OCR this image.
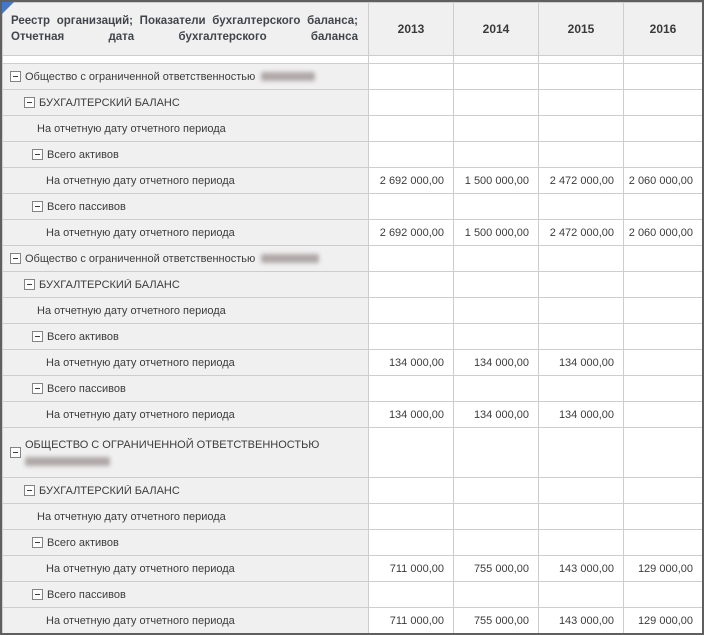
Реестр организаций; Показатели бухгалтерского баланса; Отчетная дата бухгалтерского баланса	2013	2014	2015	2016

Общество с ограниченной ответственностью				

БУХГАЛТЕРСКИЙ БАЛАНС				

На отчетную дату отчетного периода				

Всего активов				

На отчетную дату отчетного периода	2 692 000,00	1 500 000,00	2 472 000,00	2 060 000,00

Всего пассивов				

На отчетную дату отчетного периода	2 692 000,00	1 500 000,00	2 472 000,00	2 060 000,00

Общество с ограниченной ответственностью				

БУХГАЛТЕРСКИЙ БАЛАНС				

На отчетную дату отчетного периода				

Всего активов				

На отчетную дату отчетного периода	134 000,00	134 000,00	134 000,00	

Всего пассивов				

На отчетную дату отчетного периода	134 000,00	134 000,00	134 000,00	

ОБЩЕСТВО С ОГРАНИЧЕННОЙ ОТВЕТСТВЕННОСТЬЮ				

БУХГАЛТЕРСКИЙ БАЛАНС				

На отчетную дату отчетного периода				

Всего активов				

На отчетную дату отчетного периода	711 000,00	755 000,00	143 000,00	129 000,00

Всего пассивов				

На отчетную дату отчетного периода	711 000,00	755 000,00	143 000,00	129 000,00
